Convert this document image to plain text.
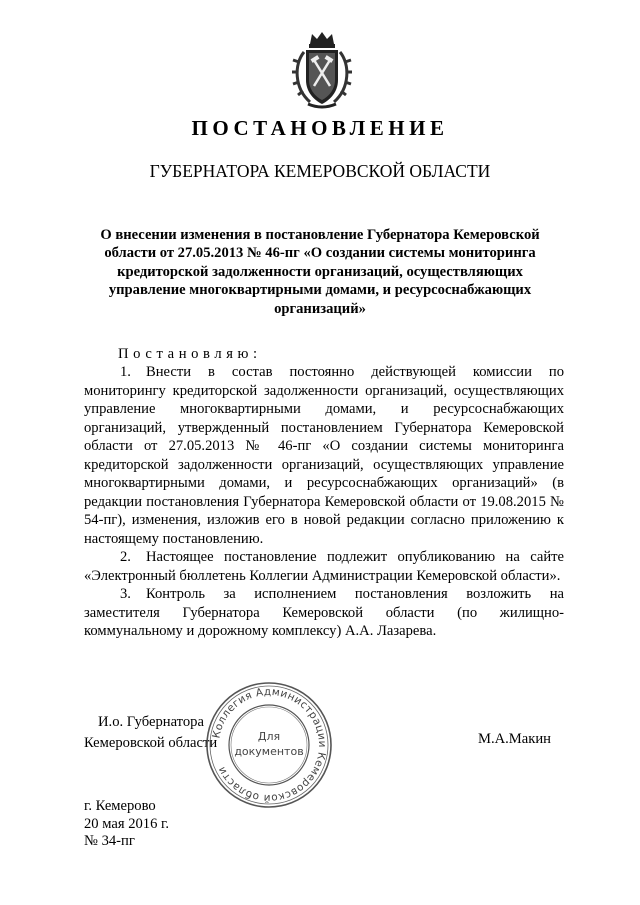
ПОСТАНОВЛЕНИЕ
ГУБЕРНАТОРА КЕМЕРОВСКОЙ ОБЛАСТИ
О внесении изменения в постановление Губернатора Кемеровской области от 27.05.2013 № 46-пг «О создании системы мониторинга кредиторской задолженности организаций, осуществляющих управление многоквартирными домами, и ресурсоснабжающих организаций»
Постановляю:

1. Внести в состав постоянно действующей комиссии по мониторингу кредиторской задолженности организаций, осуществляющих управление многоквартирными домами, и ресурсоснабжающих организаций, утвержденный постановлением Губернатора Кемеровской области от 27.05.2013 № 46-пг «О создании системы мониторинга кредиторской задолженности организаций, осуществляющих управление многоквартирными домами, и ресурсоснабжающих организаций» (в редакции постановления Губернатора Кемеровской области от 19.08.2015 № 54-пг), изменения, изложив его в новой редакции согласно приложению к настоящему постановлению.

2. Настоящее постановление подлежит опубликованию на сайте «Электронный бюллетень Коллегии Администрации Кемеровской области».

3. Контроль за исполнением постановления возложить на заместителя Губернатора Кемеровской области (по жилищно-коммунальному и дорожному комплексу) А.А. Лазарева.

И.о. Губернатора
Кемеровской области	М.А.Макин
Коллегия Администрации Кемеровской области
Для
документов
г. Кемерово
20 мая 2016 г.
№ 34-пг
